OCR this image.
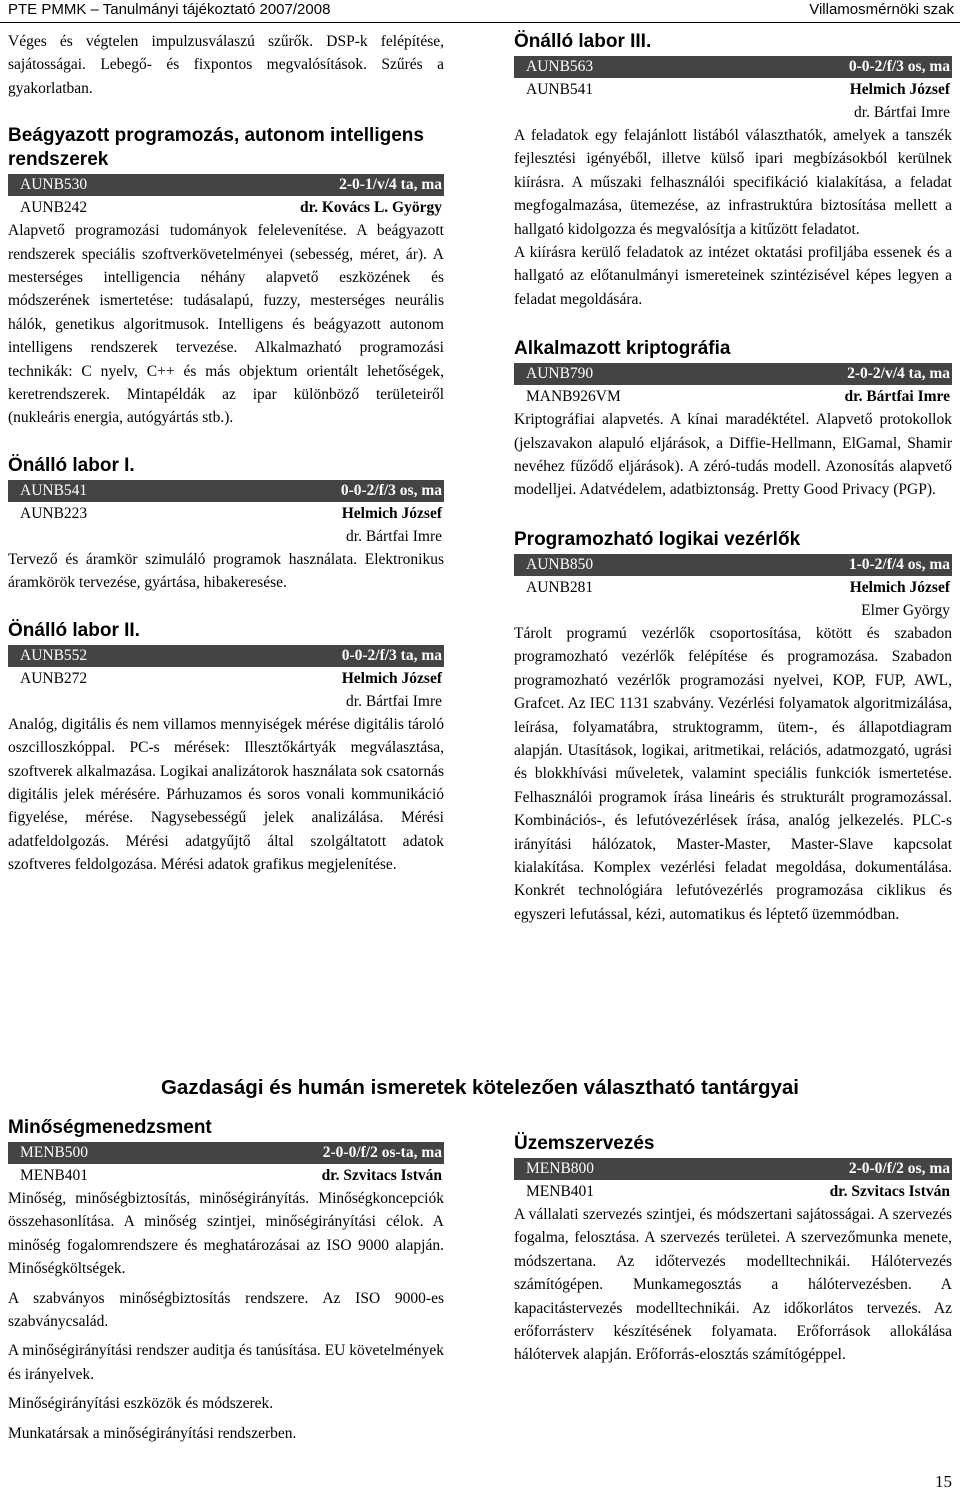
PTE PMMK – Tanulmányi tájékoztató 2007/2008	Villamosmérnöki szak

Véges és végtelen impulzusválaszú szűrők. DSP-k felépítése, sajátosságai. Lebegő- és fixpontos megvalósítások. Szűrés a gyakorlatban.

Beágyazott programozás, autonom intelligens rendszerek
AUNB530	2-0-1/v/4 ta, ma
AUNB242	dr. Kovács L. György

Alapvető programozási tudományok felelevenítése. A beágyazott rendszerek speciális szoftverkövetelményei (sebesség, méret, ár). A mesterséges intelligencia néhány alapvető eszközének és módszerének ismertetése: tudásalapú, fuzzy, mesterséges neurális hálók, genetikus algoritmusok. Intelligens és beágyazott autonom intelligens rendszerek tervezése. Alkalmazható programozási technikák: C nyelv, C++ és más objektum orientált lehetőségek, keretrendszerek. Mintapéldák az ipar különböző területeiről (nukleáris energia, autógyártás stb.).

Önálló labor I.
AUNB541	0-0-2/f/3 os, ma
AUNB223	Helmich József
dr. Bártfai Imre

Tervező és áramkör szimuláló programok használata. Elektronikus áramkörök tervezése, gyártása, hibakeresése.

Önálló labor II.
AUNB552	0-0-2/f/3 ta, ma
AUNB272	Helmich József
dr. Bártfai Imre

Analóg, digitális és nem villamos mennyiségek mérése digitális tároló oszcilloszkóppal. PC-s mérések: Illesztőkártyák megválasztása, szoftverek alkalmazása. Logikai analizátorok használata sok csatornás digitális jelek mérésére. Párhuzamos és soros vonali kommunikáció figyelése, mérése. Nagysebességű jelek analizálása. Mérési adatfeldolgozás. Mérési adatgyűjtő által szolgáltatott adatok szoftveres feldolgozása. Mérési adatok grafikus megjelenítése.

Önálló labor III.
AUNB563	0-0-2/f/3 os, ma
AUNB541	Helmich József
dr. Bártfai Imre

A feladatok egy felajánlott listából választhatók, amelyek a tanszék fejlesztési igényéből, illetve külső ipari megbízásokból kerülnek kiírásra. A műszaki felhasználói specifikáció kialakítása, a feladat megfogalmazása, ütemezése, az infrastruktúra biztosítása mellett a hallgató kidolgozza és megvalósítja a kitűzött feladatot.

A kiírásra kerülő feladatok az intézet oktatási profiljába essenek és a hallgató az előtanulmányi ismereteinek szintézisével képes legyen a feladat megoldására.

Alkalmazott kriptográfia
AUNB790	2-0-2/v/4 ta, ma
MANB926VM	dr. Bártfai Imre

Kriptográfiai alapvetés. A kínai maradéktétel. Alapvető protokollok (jelszavakon alapuló eljárások, a Diffie-Hellmann, ElGamal, Shamir nevéhez fűződő eljárások). A zéró-tudás modell. Azonosítás alapvető modelljei. Adatvédelem, adatbiztonság. Pretty Good Privacy (PGP).

Programozható logikai vezérlők
AUNB850	1-0-2/f/4 os, ma
AUNB281	Helmich József
Elmer György

Tárolt programú vezérlők csoportosítása, kötött és szabadon programozható vezérlők felépítése és programozása. Szabadon programozható vezérlők programozási nyelvei, KOP, FUP, AWL, Grafcet. Az IEC 1131 szabvány. Vezérlési folyamatok algoritmizálása, leírása, folyamatábra, struktogramm, ütem-, és állapotdiagram alapján. Utasítások, logikai, aritmetikai, relációs, adatmozgató, ugrási és blokkhívási műveletek, valamint speciális funkciók ismertetése. Felhasználói programok írása lineáris és strukturált programozással. Kombinációs-, és lefutóvezérlések írása, analóg jelkezelés. PLC-s irányítási hálózatok, Master-Master, Master-Slave kapcsolat kialakítása. Komplex vezérlési feladat megoldása, dokumentálása. Konkrét technológiára lefutóvezérlés programozása ciklikus és egyszeri lefutással, kézi, automatikus és léptető üzemmódban.

Gazdasági és humán ismeretek kötelezően választható tantárgyai
Minőségmenedzsment
MENB500	2-0-0/f/2 os-ta, ma
MENB401	dr. Szvitacs István

Minőség, minőségbiztosítás, minőségirányítás. Minőségkoncepciók összehasonlítása. A minőség szintjei, minőségirányítási célok. A minőség fogalomrendszere és meghatározásai az ISO 9000 alapján. Minőségköltségek.

A szabványos minőségbiztosítás rendszere. Az ISO 9000-es szabványcsalád.

A minőségirányítási rendszer auditja és tanúsítása. EU követelmények és irányelvek.

Minőségirányítási eszközök és módszerek.

Munkatársak a minőségirányítási rendszerben.

Üzemszervezés
MENB800	2-0-0/f/2 os, ma
MENB401	dr. Szvitacs István

A vállalati szervezés szintjei, és módszertani sajátosságai. A szervezés fogalma, felosztása. A szervezés területei. A szervezőmunka menete, módszertana. Az időtervezés modelltechnikái. Hálótervezés számítógépen. Munkamegosztás a hálótervezésben. A kapacitástervezés modelltechnikái. Az időkorlátos tervezés. Az erőforrásterv készítésének folyamata. Erőforrások allokálása hálótervek alapján. Erőforrás-elosztás számítógéppel.

15
